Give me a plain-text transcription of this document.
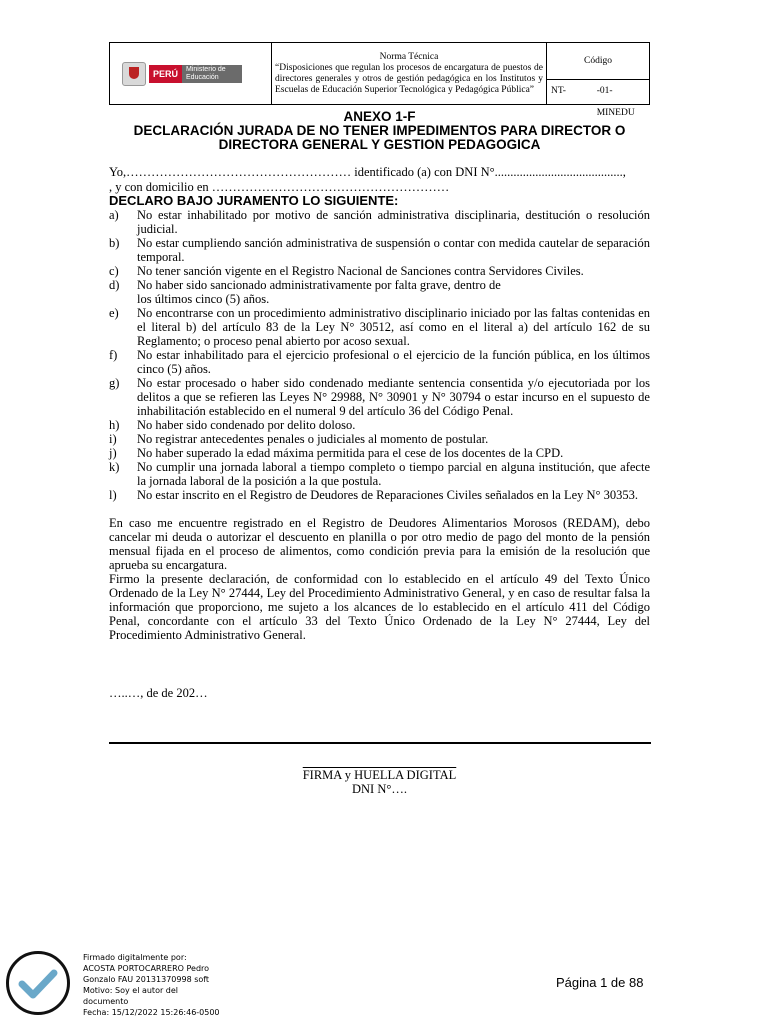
PERÚ	Ministerio de Educación

Norma Técnica
“Disposiciones que regulan los procesos de encargatura de puestos de directores generales y otros de gestión pedagógica en los Institutos y Escuelas de Educación Superior Tecnológica y Pedagógica Pública”

Código
NT-	-01-MINEDU
ANEXO 1-F
DECLARACIÓN JURADA DE NO TENER IMPEDIMENTOS PARA DIRECTOR O
DIRECTORA GENERAL Y GESTION PEDAGOGICA
Yo,……………………………………………… identificado (a) con DNI N°.........................................,
, y con domicilio en …………………………………………………
DECLARO BAJO JURAMENTO LO SIGUIENTE:
a) No estar inhabilitado por motivo de sanción administrativa disciplinaria, destitución o resolución judicial.
b) No estar cumpliendo sanción administrativa de suspensión o contar con medida cautelar de separación temporal.
c) No tener sanción vigente en el Registro Nacional de Sanciones contra Servidores Civiles.
d) No haber sido sancionado administrativamente por falta grave, dentro de los últimos cinco (5) años.
e) No encontrarse con un procedimiento administrativo disciplinario iniciado por las faltas contenidas en el literal b) del artículo 83 de la Ley N° 30512, así como en el literal a) del artículo 162 de su Reglamento; o proceso penal abierto por acoso sexual.
f) No estar inhabilitado para el ejercicio profesional o el ejercicio de la función pública, en los últimos cinco (5) años.
g) No estar procesado o haber sido condenado mediante sentencia consentida y/o ejecutoriada por los delitos a que se refieren las Leyes N° 29988, N° 30901 y N° 30794 o estar incurso en el supuesto de inhabilitación establecido en el numeral 9 del artículo 36 del Código Penal.
h) No haber sido condenado por delito doloso.
i) No registrar antecedentes penales o judiciales al momento de postular.
j) No haber superado la edad máxima permitida para el cese de los docentes de la CPD.
k) No cumplir una jornada laboral a tiempo completo o tiempo parcial en alguna institución, que afecte la jornada laboral de la posición a la que postula.
l) No estar inscrito en el Registro de Deudores de Reparaciones Civiles señalados en la Ley N° 30353.
En caso me encuentre registrado en el Registro de Deudores Alimentarios Morosos (REDAM), debo cancelar mi deuda o autorizar el descuento en planilla o por otro medio de pago del monto de la pensión mensual fijada en el proceso de alimentos, como condición previa para la emisión de la resolución que aprueba su encargatura.
Firmo la presente declaración, de conformidad con lo establecido en el artículo 49 del Texto Único Ordenado de la Ley N° 27444, Ley del Procedimiento Administrativo General, y en caso de resultar falsa la información que proporciono, me sujeto a los alcances de lo establecido en el artículo 411 del Código Penal, concordante con el artículo 33 del Texto Único Ordenado de la Ley N° 27444, Ley del Procedimiento Administrativo General.
…..…, de de 202…
FIRMA y HUELLA DIGITAL
DNI N°….
Firmado digitalmente por:
ACOSTA PORTOCARRERO Pedro
Gonzalo FAU 20131370998 soft
Motivo: Soy el autor del
documento
Fecha: 15/12/2022 15:26:46-0500
Página 1 de 88
